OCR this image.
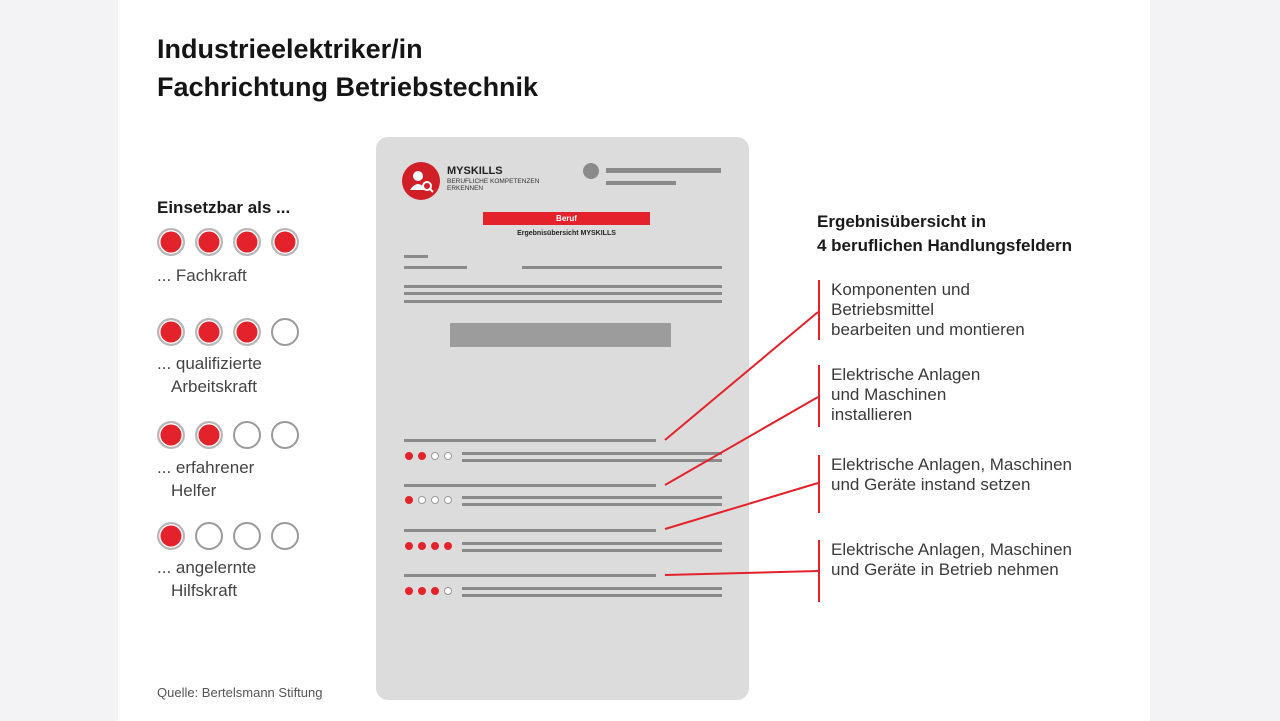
Industrieelektriker/in
Fachrichtung Betriebstechnik
Einsetzbar als ...
... Fachkraft
... qualifizierte
Arbeitskraft
... erfahrener
Helfer
... angelernte
Hilfskraft
MYSKILLS
BERUFLICHE KOMPETENZEN ERKENNEN
Beruf
Ergebnisübersicht MYSKILLS
Ergebnisübersicht in
4 beruflichen Handlungsfeldern
Komponenten und
Betriebsmittel
bearbeiten und montieren
Elektrische Anlagen
und Maschinen
installieren
Elektrische Anlagen, Maschinen
und Geräte instand setzen
Elektrische Anlagen, Maschinen
und Geräte in Betrieb nehmen
Quelle: Bertelsmann Stiftung
